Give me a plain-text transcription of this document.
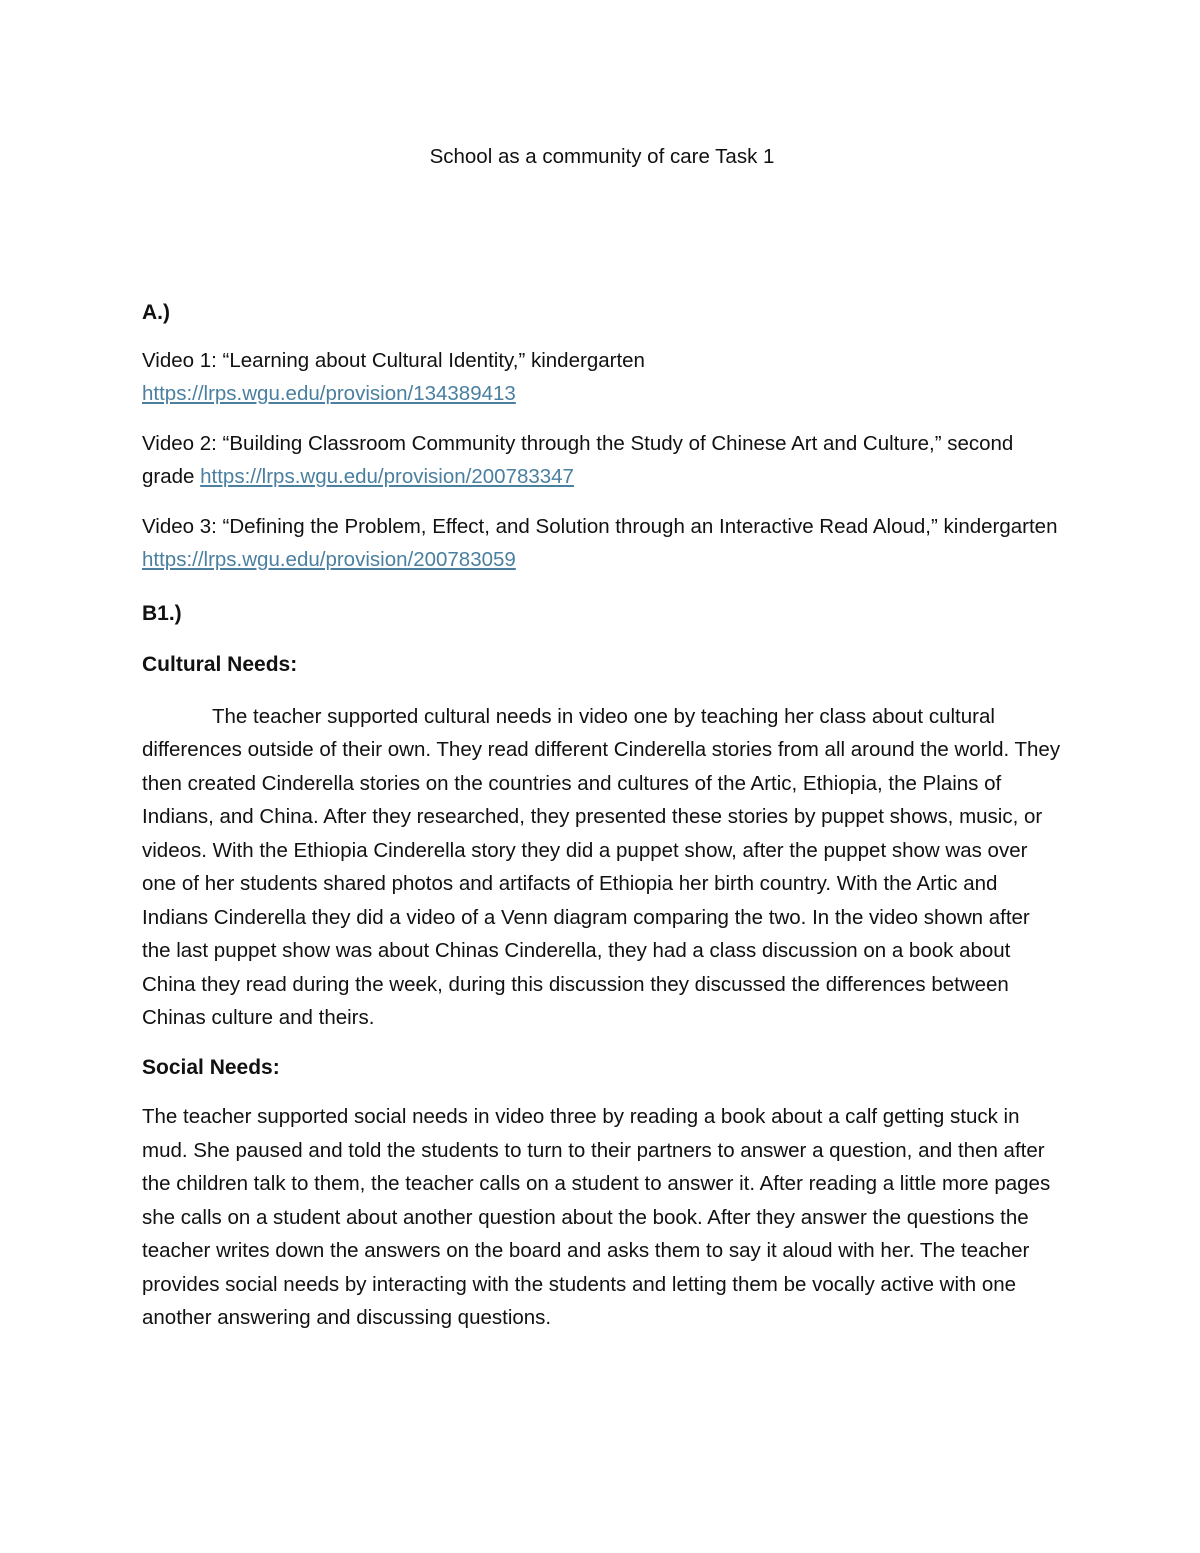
School as a community of care Task 1

A.)

Video 1: “Learning about Cultural Identity,” kindergarten
https://lrps.wgu.edu/provision/134389413

Video 2: “Building Classroom Community through the Study of Chinese Art and Culture,” second grade https://lrps.wgu.edu/provision/200783347

Video 3: “Defining the Problem, Effect, and Solution through an Interactive Read Aloud,” kindergarten https://lrps.wgu.edu/provision/200783059

B1.)

Cultural Needs:

The teacher supported cultural needs in video one by teaching her class about cultural differences outside of their own. They read different Cinderella stories from all around the world. They then created Cinderella stories on the countries and cultures of the Artic, Ethiopia, the Plains of Indians, and China. After they researched, they presented these stories by puppet shows, music, or videos. With the Ethiopia Cinderella story they did a puppet show, after the puppet show was over one of her students shared photos and artifacts of Ethiopia her birth country. With the Artic and Indians Cinderella they did a video of a Venn diagram comparing the two. In the video shown after the last puppet show was about Chinas Cinderella, they had a class discussion on a book about China they read during the week, during this discussion they discussed the differences between Chinas culture and theirs.

Social Needs:

The teacher supported social needs in video three by reading a book about a calf getting stuck in mud. She paused and told the students to turn to their partners to answer a question, and then after the children talk to them, the teacher calls on a student to answer it. After reading a little more pages she calls on a student about another question about the book. After they answer the questions the teacher writes down the answers on the board and asks them to say it aloud with her. The teacher provides social needs by interacting with the students and letting them be vocally active with one another answering and discussing questions.
